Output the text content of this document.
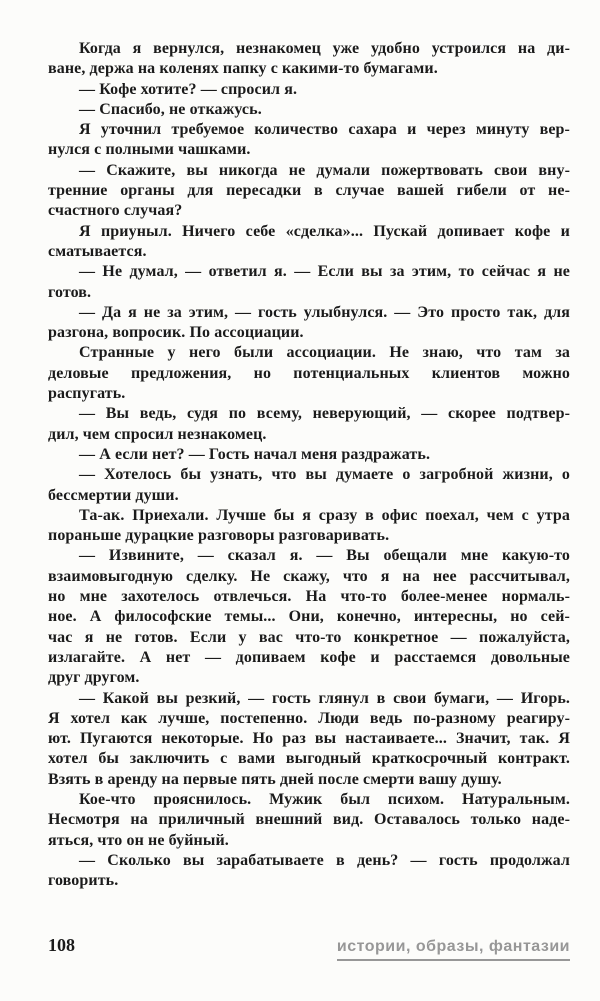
Когда я вернулся, незнакомец уже удобно устроился на ди-
ване, держа на коленях папку с какими-то бумагами.
— Кофе хотите? — спросил я.
— Спасибо, не откажусь.
Я уточнил требуемое количество сахара и через минуту вер-
нулся с полными чашками.
— Скажите, вы никогда не думали пожертвовать свои вну-
тренние органы для пересадки в случае вашей гибели от не-
счастного случая?
Я приуныл. Ничего себе «сделка»... Пускай допивает кофе и
сматывается.
— Не думал, — ответил я. — Если вы за этим, то сейчас я не
готов.
— Да я не за этим, — гость улыбнулся. — Это просто так, для
разгона, вопросик. По ассоциации.
Странные у него были ассоциации. Не знаю, что там за
деловые предложения, но потенциальных клиентов можно
распугать.
— Вы ведь, судя по всему, неверующий, — скорее подтвер-
дил, чем спросил незнакомец.
— А если нет? — Гость начал меня раздражать.
— Хотелось бы узнать, что вы думаете о загробной жизни, о
бессмертии души.
Та-ак. Приехали. Лучше бы я сразу в офис поехал, чем с утра
пораньше дурацкие разговоры разговаривать.
— Извините, — сказал я. — Вы обещали мне какую-то
взаимовыгодную сделку. Не скажу, что я на нее рассчитывал,
но мне захотелось отвлечься. На что-то более-менее нормаль-
ное. А философские темы... Они, конечно, интересны, но сей-
час я не готов. Если у вас что-то конкретное — пожалуйста,
излагайте. А нет — допиваем кофе и расстаемся довольные
друг другом.
— Какой вы резкий, — гость глянул в свои бумаги, — Игорь.
Я хотел как лучше, постепенно. Люди ведь по-разному реагиру-
ют. Пугаются некоторые. Но раз вы настаиваете... Значит, так. Я
хотел бы заключить с вами выгодный краткосрочный контракт.
Взять в аренду на первые пять дней после смерти вашу душу.
Кое-что прояснилось. Мужик был психом. Натуральным.
Несмотря на приличный внешний вид. Оставалось только наде-
яться, что он не буйный.
— Сколько вы зарабатываете в день? — гость продолжал
говорить.
108	истории, образы, фантазии
